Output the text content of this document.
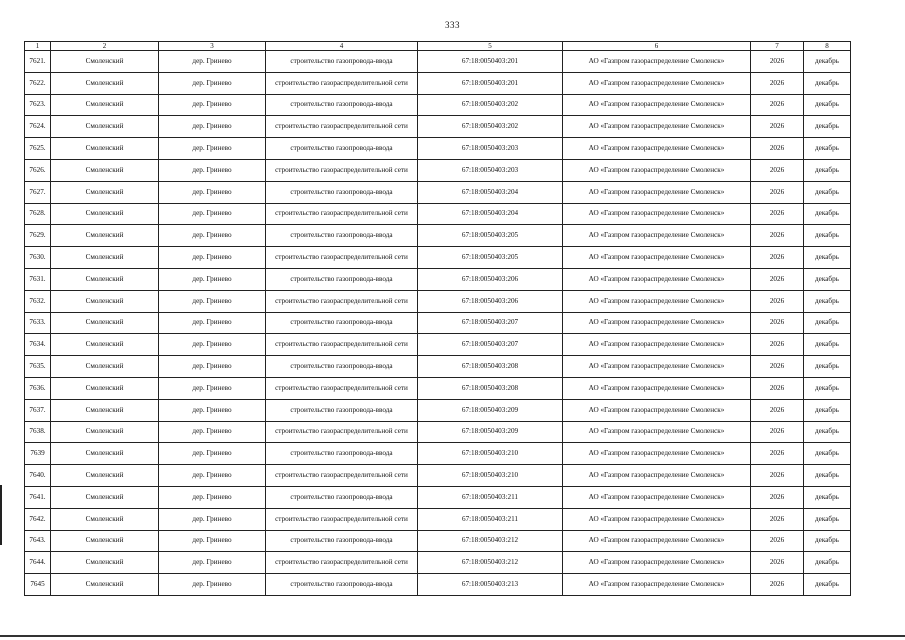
333
1	2	3	4	5	6	7	8
7621.	Смоленский	дер. Гринево	строительство газопровода-ввода	67:18:0050403:201	АО «Газпром газораспределение Смоленск»	2026	декабрь
7622.	Смоленский	дер. Гринево	строительство газораспределительной сети	67:18:0050403:201	АО «Газпром газораспределение Смоленск»	2026	декабрь
7623.	Смоленский	дер. Гринево	строительство газопровода-ввода	67:18:0050403:202	АО «Газпром газораспределение Смоленск»	2026	декабрь
7624.	Смоленский	дер. Гринево	строительство газораспределительной сети	67:18:0050403:202	АО «Газпром газораспределение Смоленск»	2026	декабрь
7625.	Смоленский	дер. Гринево	строительство газопровода-ввода	67:18:0050403:203	АО «Газпром газораспределение Смоленск»	2026	декабрь
7626.	Смоленский	дер. Гринево	строительство газораспределительной сети	67:18:0050403:203	АО «Газпром газораспределение Смоленск»	2026	декабрь
7627.	Смоленский	дер. Гринево	строительство газопровода-ввода	67:18:0050403:204	АО «Газпром газораспределение Смоленск»	2026	декабрь
7628.	Смоленский	дер. Гринево	строительство газораспределительной сети	67:18:0050403:204	АО «Газпром газораспределение Смоленск»	2026	декабрь
7629.	Смоленский	дер. Гринево	строительство газопровода-ввода	67:18:0050403:205	АО «Газпром газораспределение Смоленск»	2026	декабрь
7630.	Смоленский	дер. Гринево	строительство газораспределительной сети	67:18:0050403:205	АО «Газпром газораспределение Смоленск»	2026	декабрь
7631.	Смоленский	дер. Гринево	строительство газопровода-ввода	67:18:0050403:206	АО «Газпром газораспределение Смоленск»	2026	декабрь
7632.	Смоленский	дер. Гринево	строительство газораспределительной сети	67:18:0050403:206	АО «Газпром газораспределение Смоленск»	2026	декабрь
7633.	Смоленский	дер. Гринево	строительство газопровода-ввода	67:18:0050403:207	АО «Газпром газораспределение Смоленск»	2026	декабрь
7634.	Смоленский	дер. Гринево	строительство газораспределительной сети	67:18:0050403:207	АО «Газпром газораспределение Смоленск»	2026	декабрь
7635.	Смоленский	дер. Гринево	строительство газопровода-ввода	67:18:0050403:208	АО «Газпром газораспределение Смоленск»	2026	декабрь
7636.	Смоленский	дер. Гринево	строительство газораспределительной сети	67:18:0050403:208	АО «Газпром газораспределение Смоленск»	2026	декабрь
7637.	Смоленский	дер. Гринево	строительство газопровода-ввода	67:18:0050403:209	АО «Газпром газораспределение Смоленск»	2026	декабрь
7638.	Смоленский	дер. Гринево	строительство газораспределительной сети	67:18:0050403:209	АО «Газпром газораспределение Смоленск»	2026	декабрь
7639	Смоленский	дер. Гринево	строительство газопровода-ввода	67:18:0050403:210	АО «Газпром газораспределение Смоленск»	2026	декабрь
7640.	Смоленский	дер. Гринево	строительство газораспределительной сети	67:18:0050403:210	АО «Газпром газораспределение Смоленск»	2026	декабрь
7641.	Смоленский	дер. Гринево	строительство газопровода-ввода	67:18:0050403:211	АО «Газпром газораспределение Смоленск»	2026	декабрь
7642.	Смоленский	дер. Гринево	строительство газораспределительной сети	67:18:0050403:211	АО «Газпром газораспределение Смоленск»	2026	декабрь
7643.	Смоленский	дер. Гринево	строительство газопровода-ввода	67:18:0050403:212	АО «Газпром газораспределение Смоленск»	2026	декабрь
7644.	Смоленский	дер. Гринево	строительство газораспределительной сети	67:18:0050403:212	АО «Газпром газораспределение Смоленск»	2026	декабрь
7645	Смоленский	дер. Гринево	строительство газопровода-ввода	67:18:0050403:213	АО «Газпром газораспределение Смоленск»	2026	декабрь
